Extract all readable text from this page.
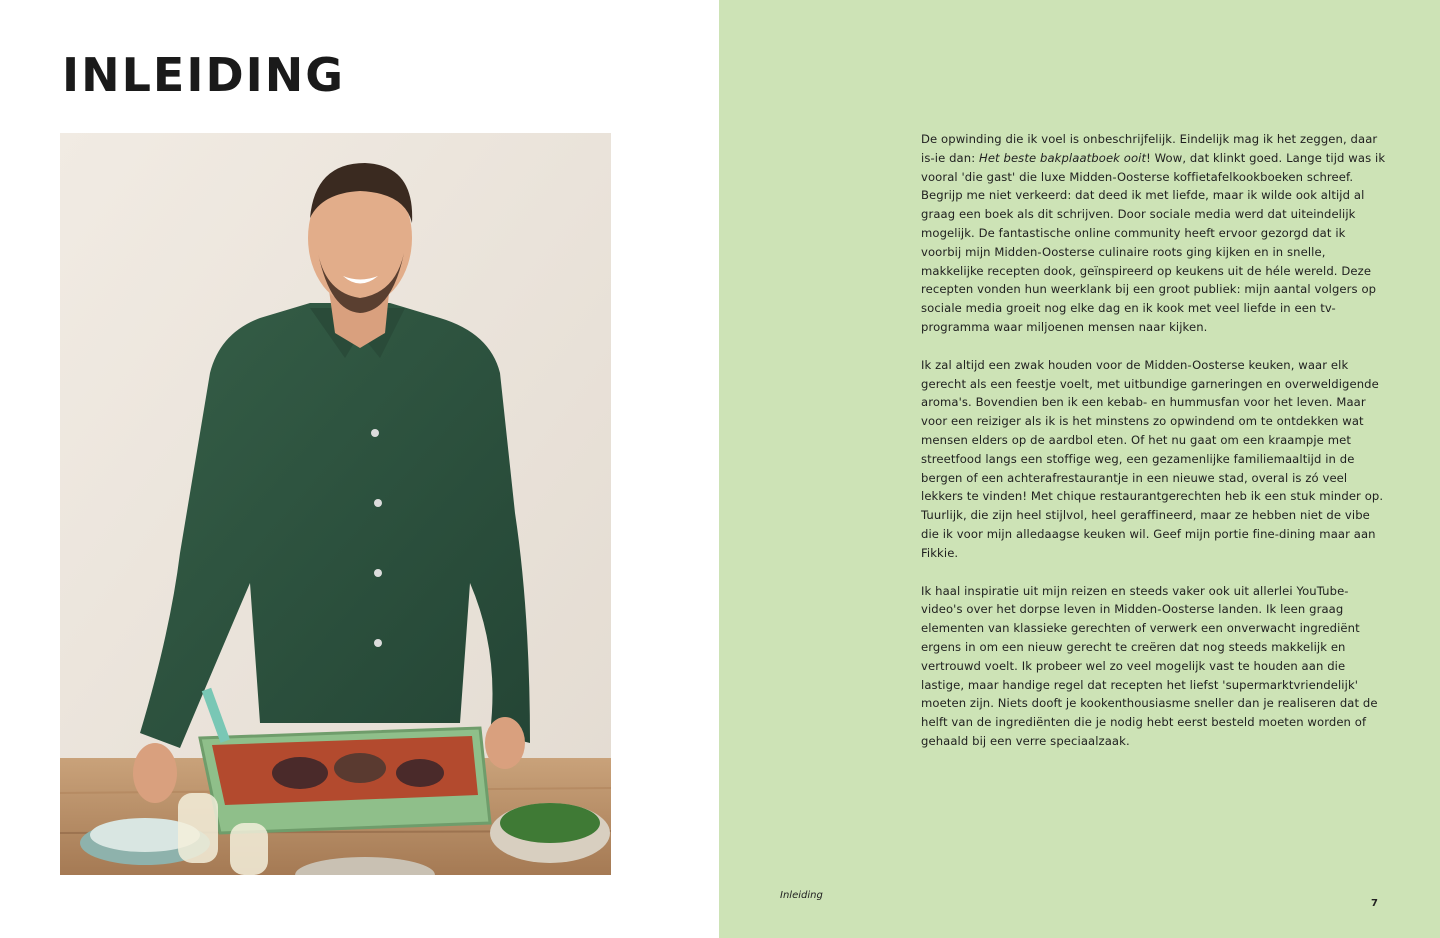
INLEIDING

De opwinding die ik voel is onbeschrijfelijk. Eindelijk mag ik het zeggen, daar is-ie dan: Het beste bakplaatboek ooit! Wow, dat klinkt goed. Lange tijd was ik vooral 'die gast' die luxe Midden-Oosterse koffietafelkookboeken schreef. Begrijp me niet verkeerd: dat deed ik met liefde, maar ik wilde ook altijd al graag een boek als dit schrijven. Door sociale media werd dat uiteindelijk mogelijk. De fantastische online community heeft ervoor gezorgd dat ik voorbij mijn Midden-Oosterse culinaire roots ging kijken en in snelle, makkelijke recepten dook, geïnspireerd op keukens uit de héle wereld. Deze recepten vonden hun weerklank bij een groot publiek: mijn aantal volgers op sociale media groeit nog elke dag en ik kook met veel liefde in een tv-programma waar miljoenen mensen naar kijken.

Ik zal altijd een zwak houden voor de Midden-Oosterse keuken, waar elk gerecht als een feestje voelt, met uitbundige garneringen en overweldigende aroma's. Bovendien ben ik een kebab- en hummusfan voor het leven. Maar voor een reiziger als ik is het minstens zo opwindend om te ontdekken wat mensen elders op de aardbol eten. Of het nu gaat om een kraampje met streetfood langs een stoffige weg, een gezamenlijke familiemaaltijd in de bergen of een achterafrestaurantje in een nieuwe stad, overal is zó veel lekkers te vinden! Met chique restaurantgerechten heb ik een stuk minder op. Tuurlijk, die zijn heel stijlvol, heel geraffineerd, maar ze hebben niet de vibe die ik voor mijn alledaagse keuken wil. Geef mijn portie fine-dining maar aan Fikkie.

Ik haal inspiratie uit mijn reizen en steeds vaker ook uit allerlei YouTube-video's over het dorpse leven in Midden-Oosterse landen. Ik leen graag elementen van klassieke gerechten of verwerk een onverwacht ingrediënt ergens in om een nieuw gerecht te creëren dat nog steeds makkelijk en vertrouwd voelt. Ik probeer wel zo veel mogelijk vast te houden aan die lastige, maar handige regel dat recepten het liefst 'supermarktvriendelijk' moeten zijn. Niets dooft je kookenthousiasme sneller dan je realiseren dat de helft van de ingrediënten die je nodig hebt eerst besteld moeten worden of gehaald bij een verre speciaalzaak.

Inleiding
7
